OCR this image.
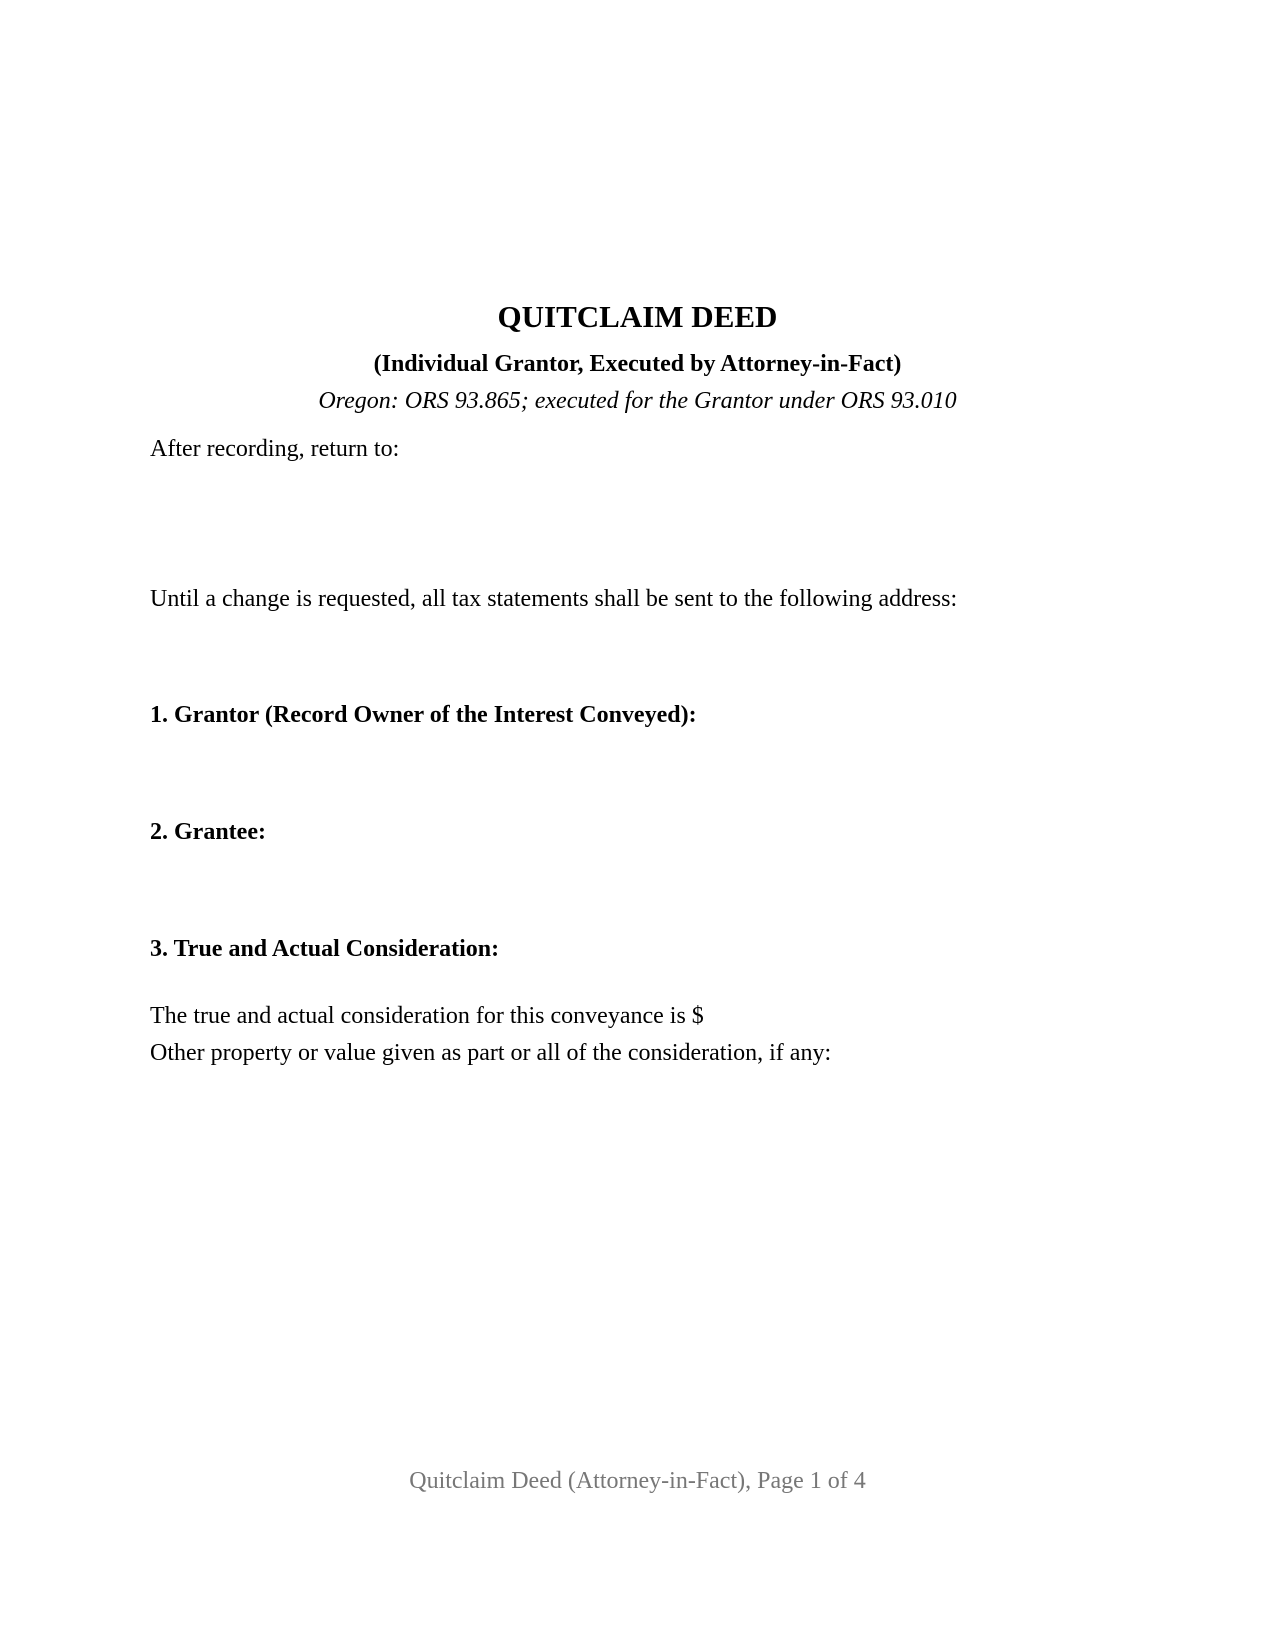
QUITCLAIM DEED
(Individual Grantor, Executed by Attorney-in-Fact)
Oregon: ORS 93.865; executed for the Grantor under ORS 93.010
After recording, return to:
Until a change is requested, all tax statements shall be sent to the following address:
1. Grantor (Record Owner of the Interest Conveyed):
2. Grantee:
3. True and Actual Consideration:
The true and actual consideration for this conveyance is $
Other property or value given as part or all of the consideration, if any:
Quitclaim Deed (Attorney-in-Fact), Page 1 of 4
